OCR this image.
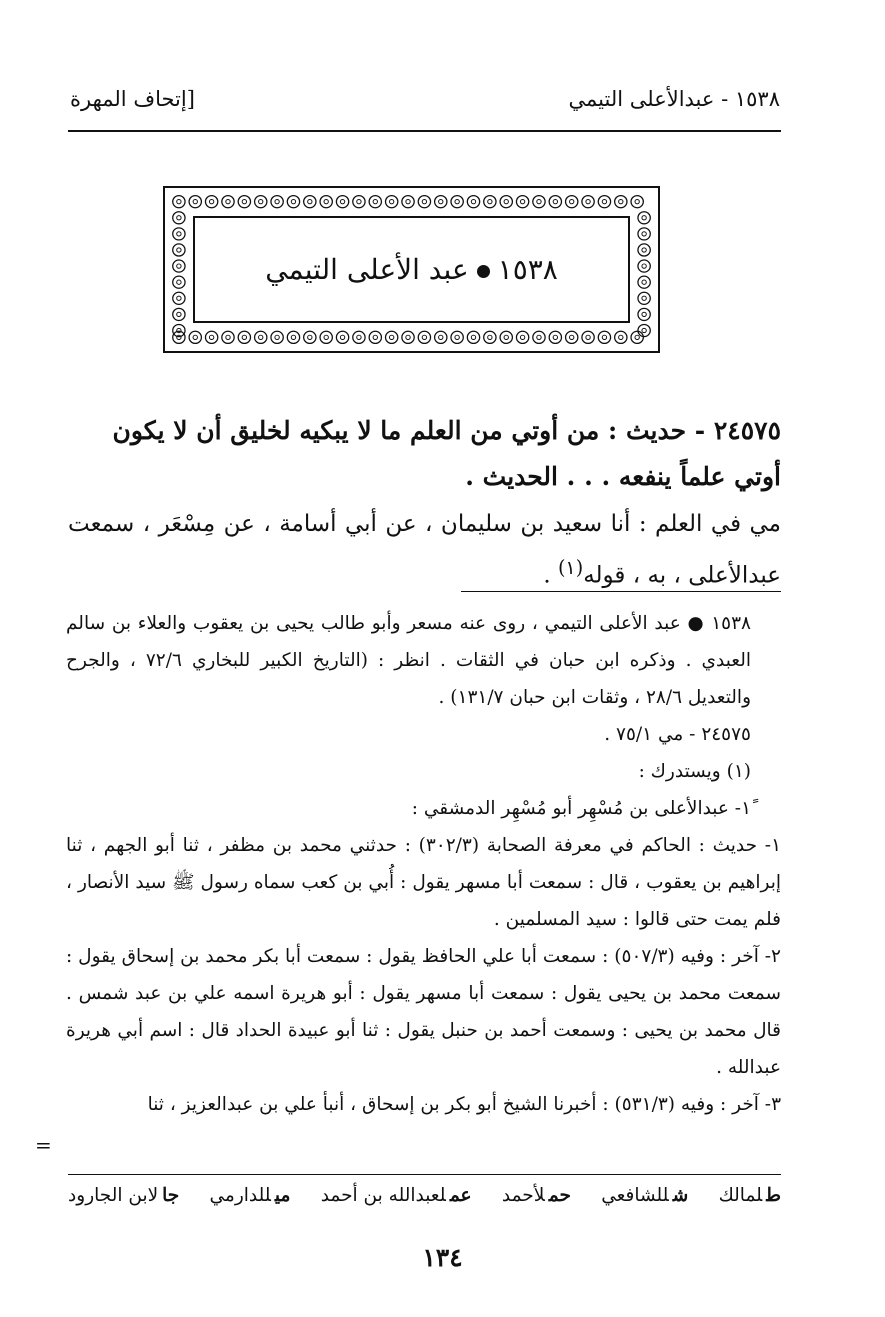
١٥٣٨ - عبدالأعلى التيمي
[إتحاف المهرة
١٥٣٨عبد الأعلى التيمي
٢٤٥٧٥ - حديث : من أوتي من العلم ما لا يبكيه لخليق أن لا يكون أوتي علماً ينفعه . . . الحديث .
مي في العلم : أنا سعيد بن سليمان ، عن أبي أسامة ، عن مِسْعَر ، سمعت عبدالأعلى ، به ، قوله$^{(١)}$ .

١٥٣٨ ● عبد الأعلى التيمي ، روى عنه مسعر وأبو طالب يحيى بن يعقوب والعلاء بن سالم العبدي . وذكره ابن حبان في الثقات . انظر : (التاريخ الكبير للبخاري ٧٢/٦ ، والجرح والتعديل ٢٨/٦ ، وثقات ابن حبان ١٣١/٧) .

٢٤٥٧٥ - مي ٧٥/١ .

(١) ويستدرك :

١ً- عبدالأعلى بن مُسْهِر أبو مُسْهِر الدمشقي :

١- حديث : الحاكم في معرفة الصحابة (٣٠٢/٣) : حدثني محمد بن مظفر ، ثنا أبو الجهم ، ثنا إبراهيم بن يعقوب ، قال : سمعت أبا مسهر يقول : أُبي بن كعب سماه رسول ﷺ سيد الأنصار ، فلم يمت حتى قالوا : سيد المسلمين .

٢- آخر : وفيه (٥٠٧/٣) : سمعت أبا علي الحافظ يقول : سمعت أبا بكر محمد بن إسحاق يقول : سمعت محمد بن يحيى يقول : سمعت أبا مسهر يقول : أبو هريرة اسمه علي بن عبد شمس . قال محمد بن يحيى : وسمعت أحمد بن حنبل يقول : ثنا أبو عبيدة الحداد قال : اسم أبي هريرة عبدالله .

٣- آخر : وفيه (٥٣١/٣) : أخبرنا الشيخ أبو بكر بن إسحاق ، أنبأ علي بن عبدالعزيز ، ثنا

=
طلمالك
شللشافعي
حملأحمد
عملعبدالله بن أحمد
ميللدارمي
جالابن الجارود
١٣٤
